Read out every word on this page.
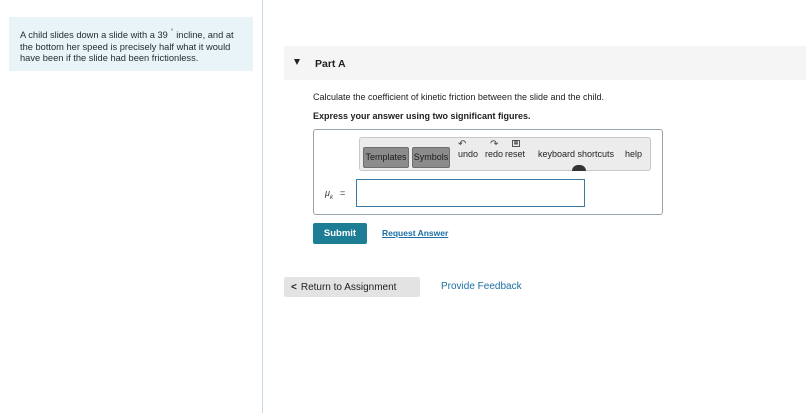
A child slides down a slide with a 39 ° incline, and at the bottom her speed is precisely half what it would have been if the slide had been frictionless.	Part A
Calculate the coefficient of kinetic friction between the slide and the child.
Express your answer using two significant figures.
Templates Symbols
↶ ↷	▦
undo redo reset keyboard shortcuts help
$\mu_k$ =
Submit	Request Answer
< Return to Assignment	Provide Feedback
